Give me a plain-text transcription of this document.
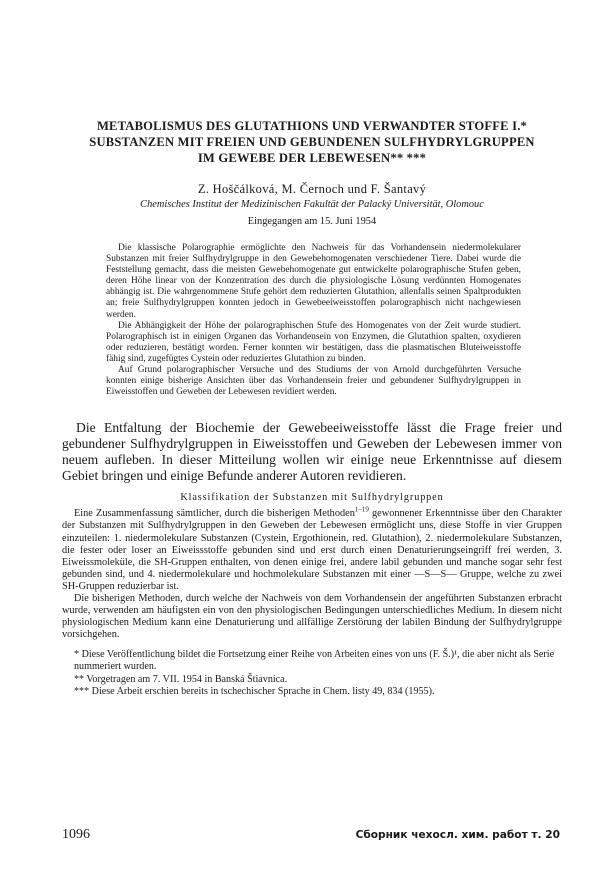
METABOLISMUS DES GLUTATHIONS UND VERWANDTER STOFFE I.*
SUBSTANZEN MIT FREIEN UND GEBUNDENEN SULFHYDRYLGRUPPEN
IM GEWEBE DER LEBEWESEN** ***
Z. Hoščálková, M. Černoch und F. Šantavý
Chemisches Institut der Medizinischen Fakultät der Palacký Universität, Olomouc
Eingegangen am 15. Juni 1954

Die klassische Polarographie ermöglichte den Nachweis für das Vorhandensein niedermolekularer Substanzen mit freier Sulfhydrylgruppe in den Gewebehomogenaten verschiedener Tiere. Dabei wurde die Feststellung gemacht, dass die meisten Gewebehomogenate gut entwickelte polarographische Stufen geben, deren Höhe linear von der Konzentration des durch die physiologische Lösung verdünnten Homogenates abhängig ist. Die wahrgenommene Stufe gehört dem reduzierten Glutathion, allenfalls seinen Spaltprodukten an; freie Sulfhydrylgruppen konnten jedoch in Gewebeeiweisstoffen polarographisch nicht nachgewiesen werden.

Die Abhängigkeit der Höhe der polarographischen Stufe des Homogenates von der Zeit wurde studiert. Polarographisch ist in einigen Organen das Vorhandensein von Enzymen, die Glutathion spalten, oxydieren oder reduzieren, bestätigt worden. Ferner konnten wir bestätigen, dass die plasmatischen Bluteiweisstoffe fähig sind, zugefügtes Cystein oder reduziertes Glutathion zu binden.

Auf Grund polarographischer Versuche und des Studiums der von Arnold durchgeführten Versuche konnten einige bisherige Ansichten über das Vorhandensein freier und gebundener Sulfhydrylgruppen in Eiweisstoffen und Geweben der Lebewesen revidiert werden.

Die Entfaltung der Biochemie der Gewebeeiweisstoffe lässt die Frage freier und gebundener Sulfhydrylgruppen in Eiweisstoffen und Geweben der Lebewesen immer von neuem aufleben. In dieser Mitteilung wollen wir einige neue Erkenntnisse auf diesem Gebiet bringen und einige Befunde anderer Autoren revidieren.

Klassifikation der Substanzen mit Sulfhydrylgruppen

Eine Zusammenfassung sämtlicher, durch die bisherigen Methoden$^{1-19}$ gewonnener Erkenntnisse über den Charakter der Substanzen mit Sulfhydrylgruppen in den Geweben der Lebewesen ermöglicht uns, diese Stoffe in vier Gruppen einzuteilen: 1. niedermolekulare Substanzen (Cystein, Ergothionein, red. Glutathion), 2. niedermolekulare Substanzen, die fester oder loser an Eiweissstoffe gebunden sind und erst durch einen Denaturierungseingriff frei werden, 3. Eiweissmoleküle, die SH-Gruppen enthalten, von denen einige frei, andere labil gebunden und manche sogar sehr fest gebunden sind, und 4. niedermolekulare und hochmolekulare Substanzen mit einer —S—S— Gruppe, welche zu zwei SH-Gruppen reduzierbar ist.

Die bisherigen Methoden, durch welche der Nachweis von dem Vorhandensein der angeführten Substanzen erbracht wurde, verwenden am häufigsten ein von den physiologischen Bedingungen unterschiedliches Medium. In diesem nicht physiologischen Medium kann eine Denaturierung und allfällige Zerstörung der labilen Bindung der Sulfhydrylgruppe vorsichgehen.

* Diese Veröffentlichung bildet die Fortsetzung einer Reihe von Arbeiten eines von uns (F. Š.)¹, die aber nicht als Serie nummeriert wurden.
** Vorgetragen am 7. VII. 1954 in Banská Štiavnica.
*** Diese Arbeit erschien bereits in tschechischer Sprache in Chem. listy 49, 834 (1955).
1096	Сборник чехосл. хим. работ т. 20
